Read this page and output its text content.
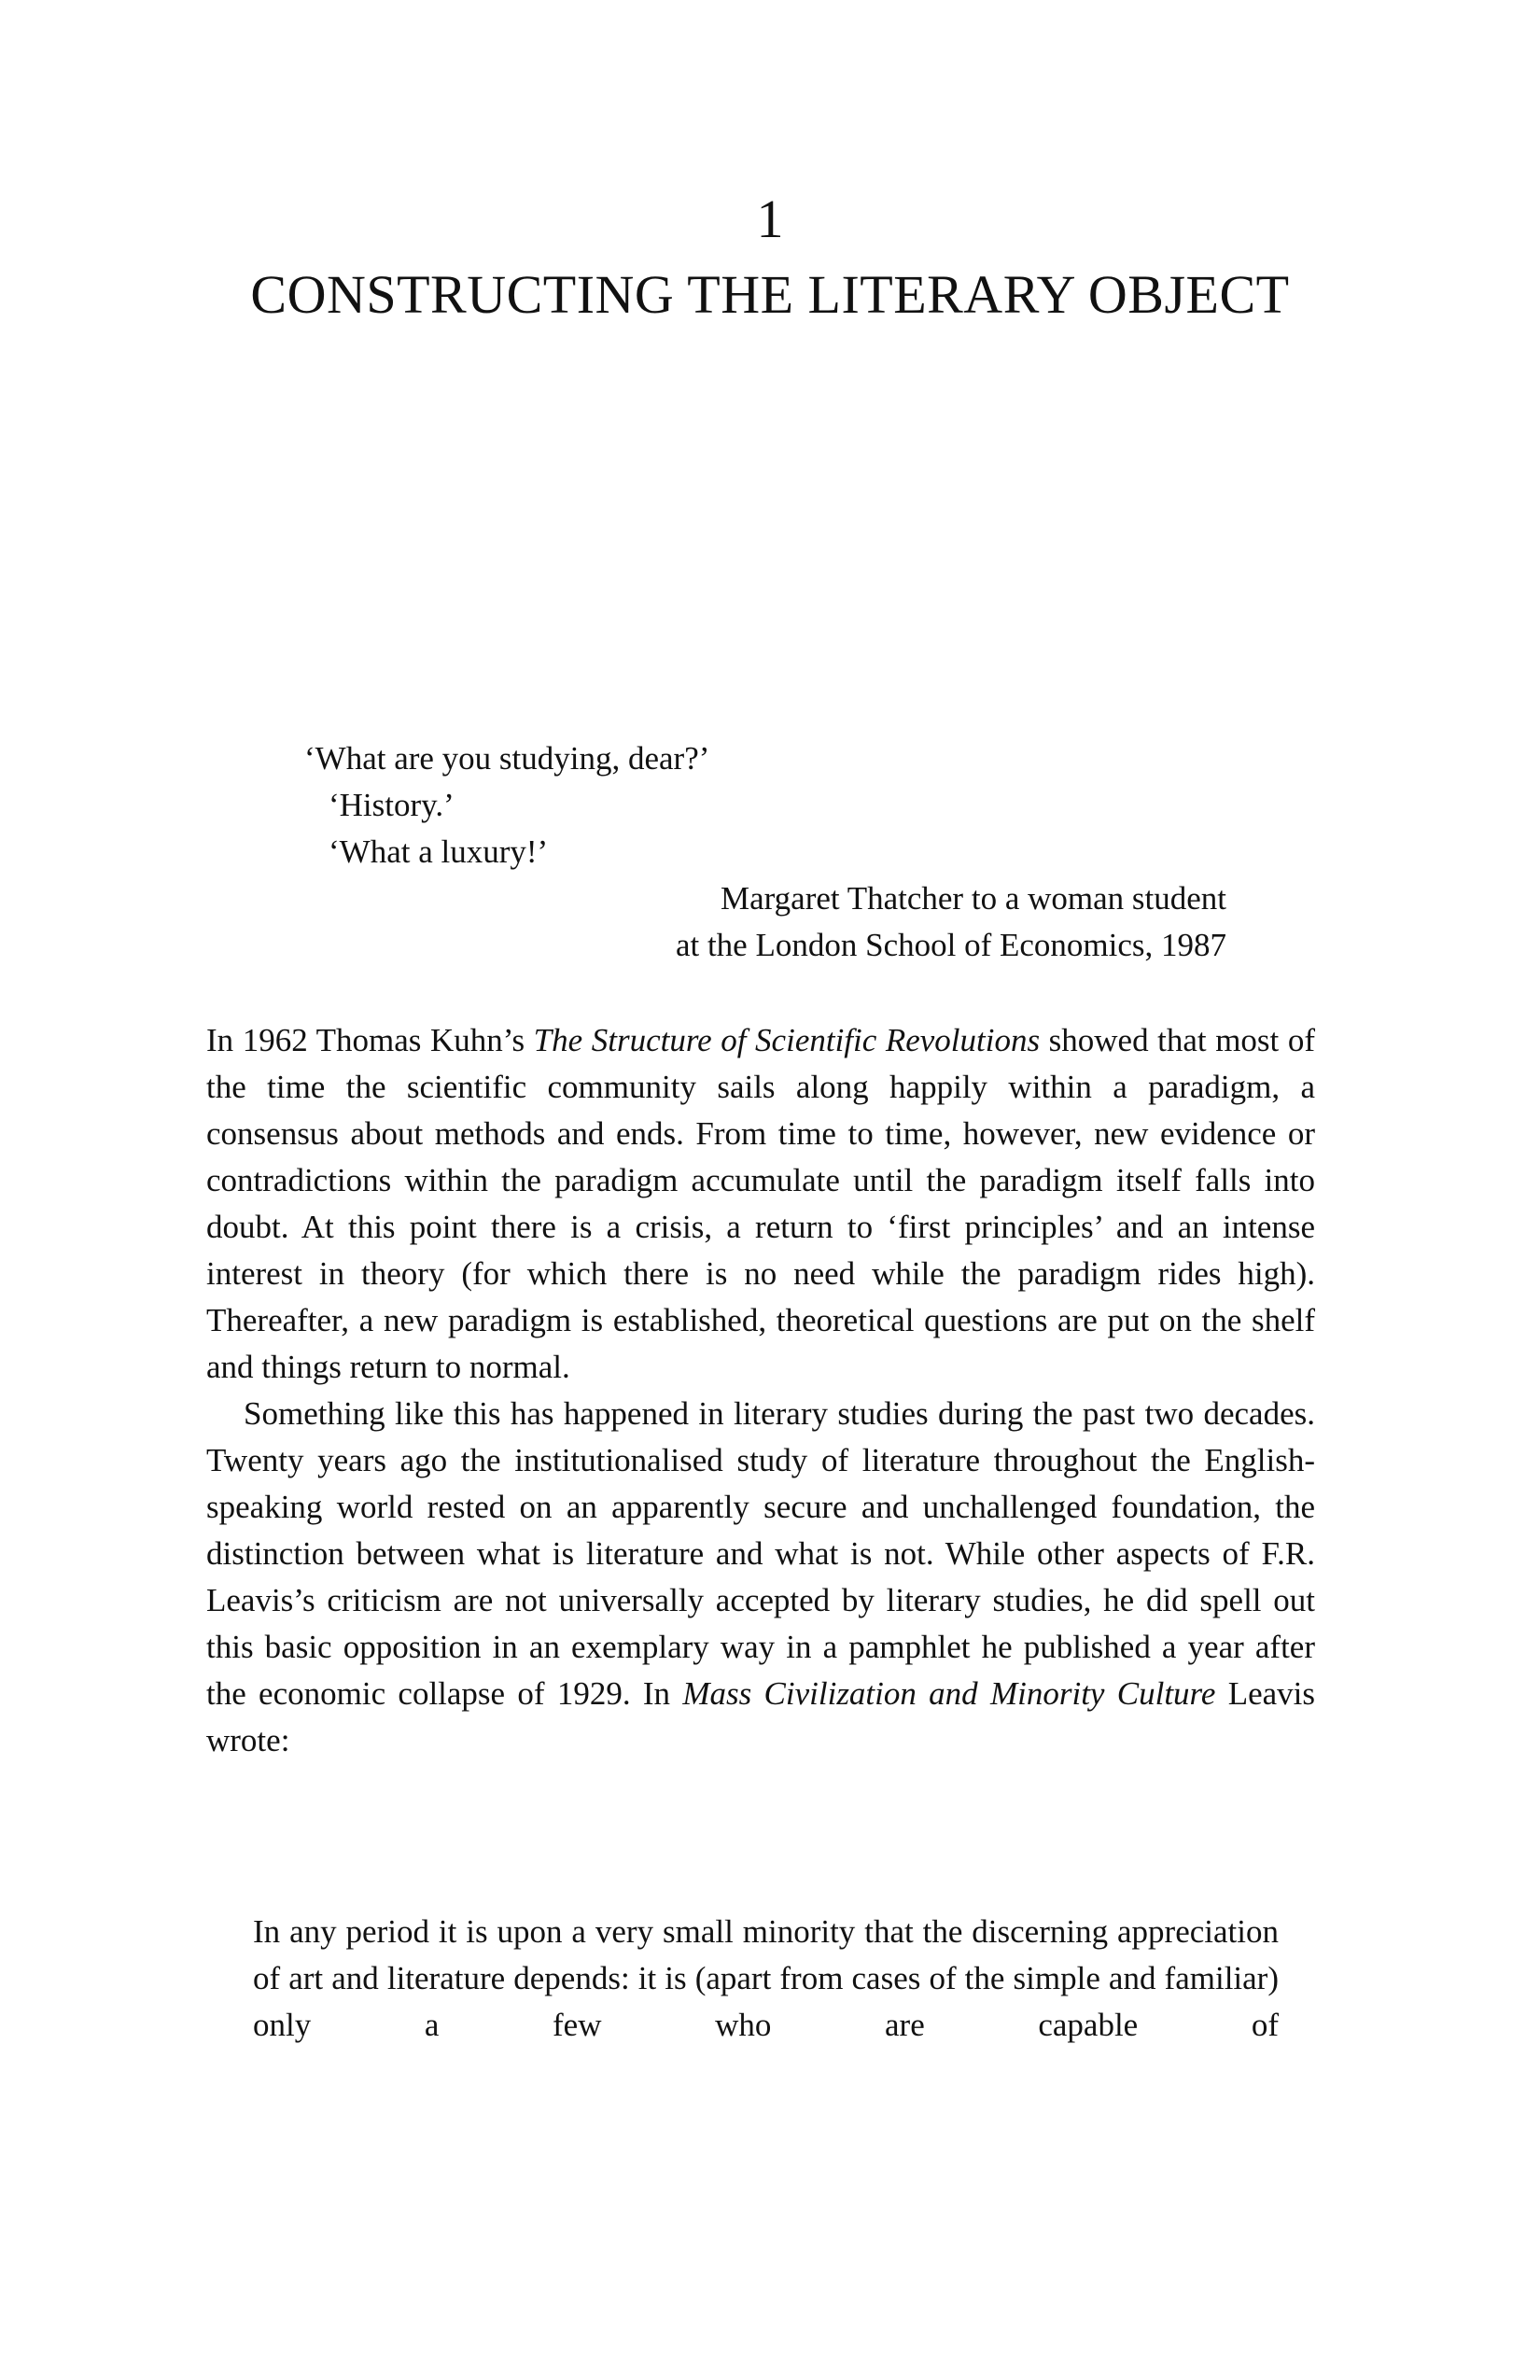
1
CONSTRUCTING THE LITERARY OBJECT
‘What are you studying, dear?’
‘History.’
‘What a luxury!’
Margaret Thatcher to a woman student
at the London School of Economics, 1987

In 1962 Thomas Kuhn’s The Structure of Scientific Revolutions showed that most of the time the scientific community sails along happily within a paradigm, a consensus about methods and ends. From time to time, however, new evidence or contradictions within the paradigm accumulate until the paradigm itself falls into doubt. At this point there is a crisis, a return to ‘first principles’ and an intense interest in theory (for which there is no need while the paradigm rides high). Thereafter, a new paradigm is established, theoretical questions are put on the shelf and things return to normal.

Something like this has happened in literary studies during the past two decades. Twenty years ago the institutionalised study of literature throughout the English-speaking world rested on an apparently secure and unchallenged foundation, the distinction between what is literature and what is not. While other aspects of F.R. Leavis’s criticism are not universally accepted by literary studies, he did spell out this basic opposition in an exemplary way in a pamphlet he published a year after the economic collapse of 1929. In Mass Civilization and Minority Culture Leavis wrote:

In any period it is upon a very small minority that the discerning appreciation of art and literature depends: it is (apart from cases of the simple and familiar) only a few who are capable of
